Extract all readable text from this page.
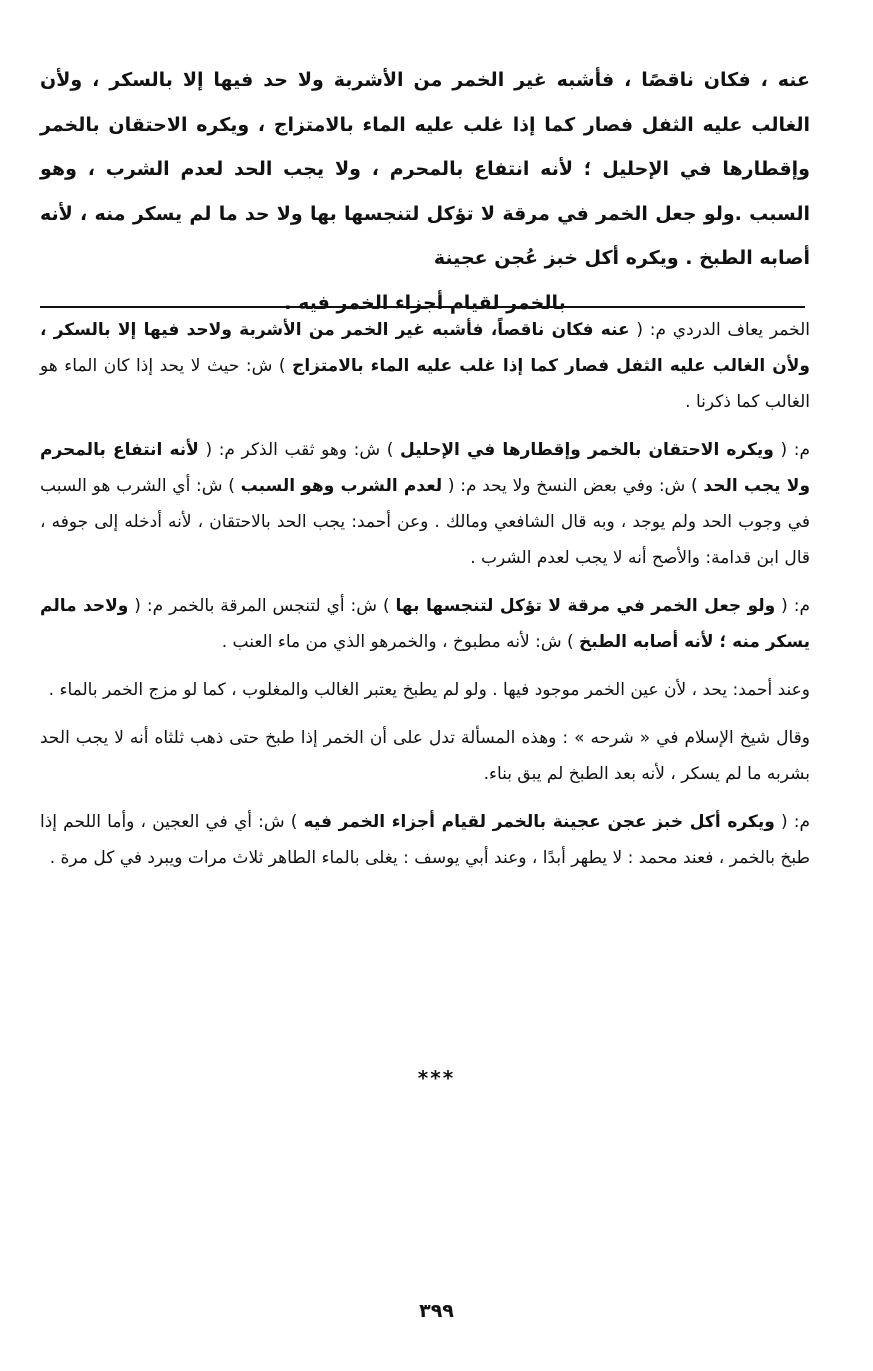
عنه ، فكان ناقصًا ، فأشبه غير الخمر من الأشربة ولا حد فيها إلا بالسكر ، ولأن الغالب عليه الثفل فصار كما إذا غلب عليه الماء بالامتزاج ، ويكره الاحتقان بالخمر وإقطارها في الإحليل ؛ لأنه انتفاع بالمحرم ، ولا يجب الحد لعدم الشرب ، وهو السبب .ولو جعل الخمر في مرقة لا تؤكل لتنجسها بها ولا حد ما لم يسكر منه ، لأنه أصابه الطبخ . ويكره أكل خبز عُجن عجينة
بالخمر لقيام أجزاء الخمر فيه .

الخمر يعاف الدردي م: ( عنه فكان ناقصاً، فأشبه غير الخمر من الأشربة ولاحد فيها إلا بالسكر ، ولأن الغالب عليه الثفل فصار كما إذا غلب عليه الماء بالامتزاج ) ش: حيث لا يحد إذا كان الماء هو الغالب كما ذكرنا .

م: ( ويكره الاحتقان بالخمر وإقطارها في الإحليل ) ش: وهو ثقب الذكر م: ( لأنه انتفاع بالمحرم ولا يجب الحد ) ش: وفي بعض النسخ ولا يحد م: ( لعدم الشرب وهو السبب ) ش: أي الشرب هو السبب في وجوب الحد ولم يوجد ، وبه قال الشافعي ومالك . وعن أحمد: يجب الحد بالاحتقان ، لأنه أدخله إلى جوفه ، قال ابن قدامة: والأصح أنه لا يجب لعدم الشرب .

م: ( ولو جعل الخمر في مرقة لا تؤكل لتنجسها بها ) ش: أي لتنجس المرقة بالخمر م: ( ولاحد مالم يسكر منه ؛ لأنه أصابه الطبخ ) ش: لأنه مطبوخ ، والخمرهو الذي من ماء العنب .

وعند أحمد: يحد ، لأن عين الخمر موجود فيها . ولو لم يطبخ يعتبر الغالب والمغلوب ، كما لو مزج الخمر بالماء .

وقال شيخ الإسلام في « شرحه » : وهذه المسألة تدل على أن الخمر إذا طبخ حتى ذهب ثلثاه أنه لا يجب الحد بشربه ما لم يسكر ، لأنه بعد الطبخ لم يبق بناء.

م: ( ويكره أكل خبز عجن عجينة بالخمر لقيام أجزاء الخمر فيه ) ش: أي في العجين ، وأما اللحم إذا طبخ بالخمر ، فعند محمد : لا يطهر أبدًا ، وعند أبي يوسف : يغلى بالماء الطاهر ثلاث مرات ويبرد في كل مرة .

***
٣٩٩
